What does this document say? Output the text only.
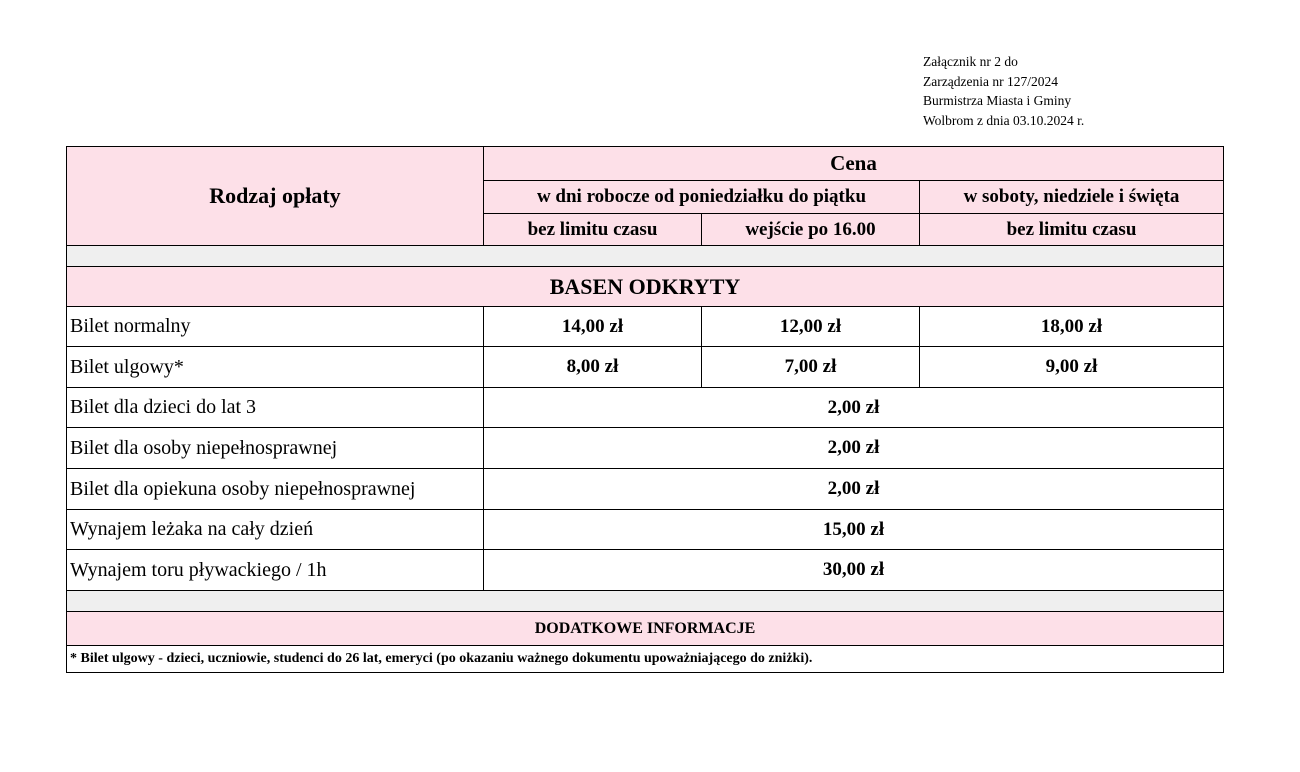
Załącznik nr 2 do
Zarządzenia nr 127/2024
Burmistrza Miasta i Gminy
Wolbrom z dnia 03.10.2024 r.
Rodzaj opłaty	Cena		
	w dni robocze od poniedziałku do piątku		w soboty, niedziele i święta
	bez limitu czasu	wejście po 16.00	bez limitu czasu

BASEN ODKRYTY			
Bilet normalny	14,00 zł	12,00 zł	18,00 zł
Bilet ulgowy*	8,00 zł	7,00 zł	9,00 zł
Bilet dla dzieci do lat 3	2,00 zł		
Bilet dla osoby niepełnosprawnej	2,00 zł		
Bilet dla opiekuna osoby niepełnosprawnej	2,00 zł		
Wynajem leżaka na cały dzień	15,00 zł		
Wynajem toru pływackiego / 1h	30,00 zł		

DODATKOWE INFORMACJE			
* Bilet ulgowy - dzieci, uczniowie, studenci do 26 lat, emeryci (po okazaniu ważnego dokumentu upoważniającego do zniżki).			
